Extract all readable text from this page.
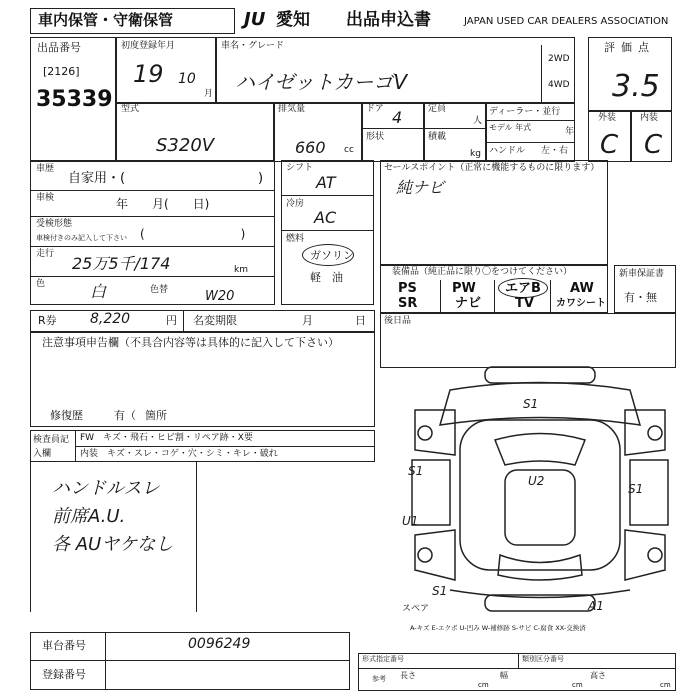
車内保管・守衛保管	JU 愛知 出品申込書	JAPAN USED CAR DEALERS ASSOCIATION
出品番号
[2126]
35339
初度登録年月
19 10
月
車名・グレード
ハイゼットカーゴV
2WD
4WD
評価点
3.5
外装	内装
C C
型式
S320V
排気量
660 cc
ドア 4
形状
定員
人
積載
kg
ディーラー・並行
モデル 年式	年
ハンドル 左・右
車歴
自家用・(	)
車検	年　　月(　　日)
受検形態
車検付きのみ記入して下さい (　　　　　　　　)
走行 25万5千/174	km
色	白	色替	W20
シフト
AT
冷房
AC
燃料
ガソリン
軽　油
セールスポイント（正常に機能するものに限ります）
純ナビ
装備品（純正品に限り〇をつけてください）
PS	PW エアB AW
SR	ナビ	TV カワシート
新車保証書
有・無
R券 8,220	円 名変期限	月	日
注意事項申告欄（不具合内容等は具体的に記入して下さい）
修復歴	有（ 箇所
後日品
検査員記入欄
FW　キズ・飛石・ヒビ割・リペア跡・X要
内装　キズ・スレ・コゲ・穴・シミ・キレ・破れ
ハンドルスレ
前席A.U.
各 AUヤケなし
S1
U2
S1
U1
S1
S1
A1
スペア
A-キズ E-エクボ U-凹み W-補修跡 S-サビ C-腐食 XX-交換済
車台番号	0096249
登録番号
形式指定番号	類別区分番号
参考 長さ	幅	高さ
cm	cm	cm
